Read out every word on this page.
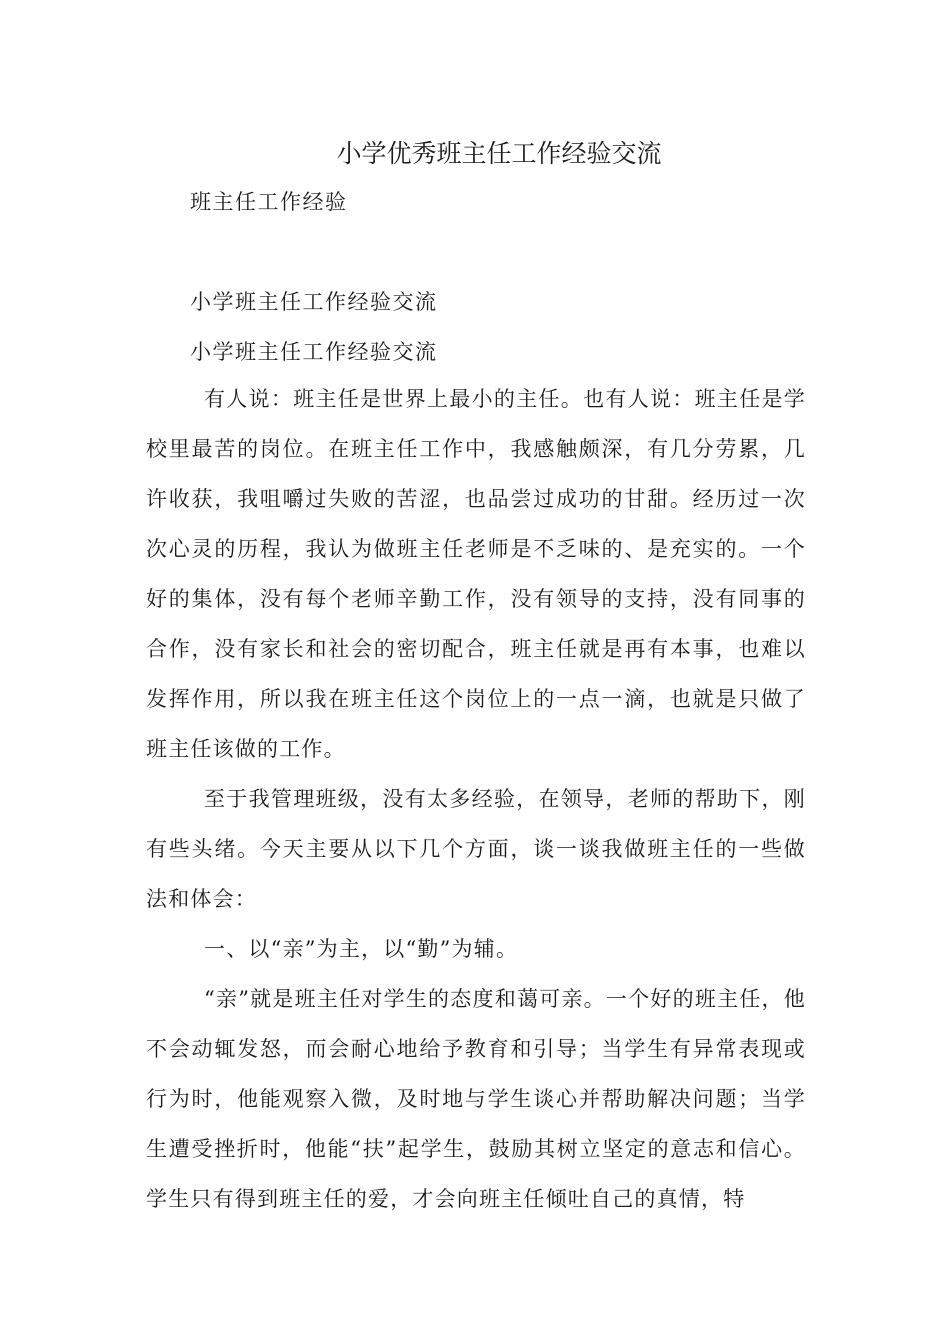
小学优秀班主任工作经验交流
班主任工作经验
小学班主任工作经验交流
小学班主任工作经验交流

有人说：班主任是世界上最小的主任。也有人说：班主任是学校里最苦的岗位。在班主任工作中，我感触颇深，有几分劳累，几许收获，我咀嚼过失败的苦涩，也品尝过成功的甘甜。经历过一次次心灵的历程，我认为做班主任老师是不乏味的、是充实的。一个好的集体，没有每个老师辛勤工作，没有领导的支持，没有同事的合作，没有家长和社会的密切配合，班主任就是再有本事，也难以发挥作用，所以我在班主任这个岗位上的一点一滴，也就是只做了班主任该做的工作。

至于我管理班级，没有太多经验，在领导，老师的帮助下，刚有些头绪。今天主要从以下几个方面，谈一谈我做班主任的一些做法和体会：

一、以“亲”为主，以“勤”为辅。

“亲”就是班主任对学生的态度和蔼可亲。一个好的班主任，他不会动辄发怒，而会耐心地给予教育和引导；当学生有异常表现或行为时，他能观察入微，及时地与学生谈心并帮助解决问题；当学生遭受挫折时，他能“扶”起学生，鼓励其树立坚定的意志和信心。学生只有得到班主任的爱，才会向班主任倾吐自己的真情，特
